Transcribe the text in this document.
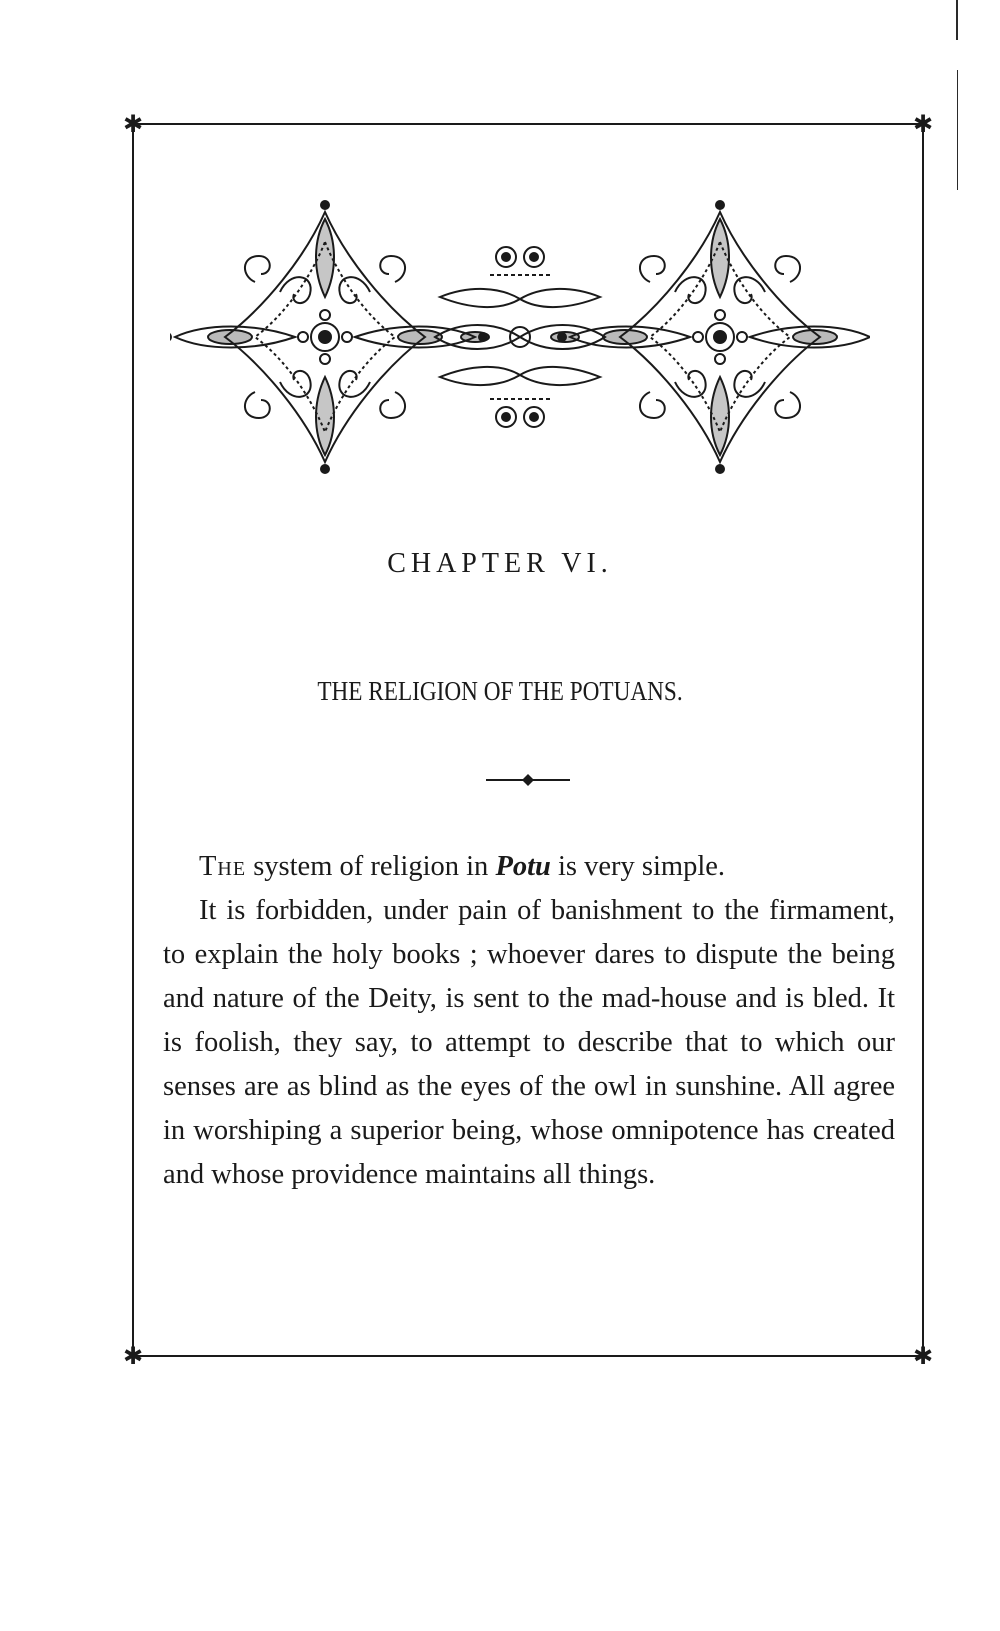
✱	✱
✱	✱
CHAPTER VI.
THE RELIGION OF THE POTUANS.

The system of religion in Potu is very simple.

It is forbidden, under pain of banishment to the firmament, to explain the holy books ; whoever dares to dispute the being and nature of the Deity, is sent to the mad-house and is bled. It is foolish, they say, to attempt to describe that to which our senses are as blind as the eyes of the owl in sunshine. All agree in worshiping a superior being, whose omnipotence has created and whose providence maintains all things.
